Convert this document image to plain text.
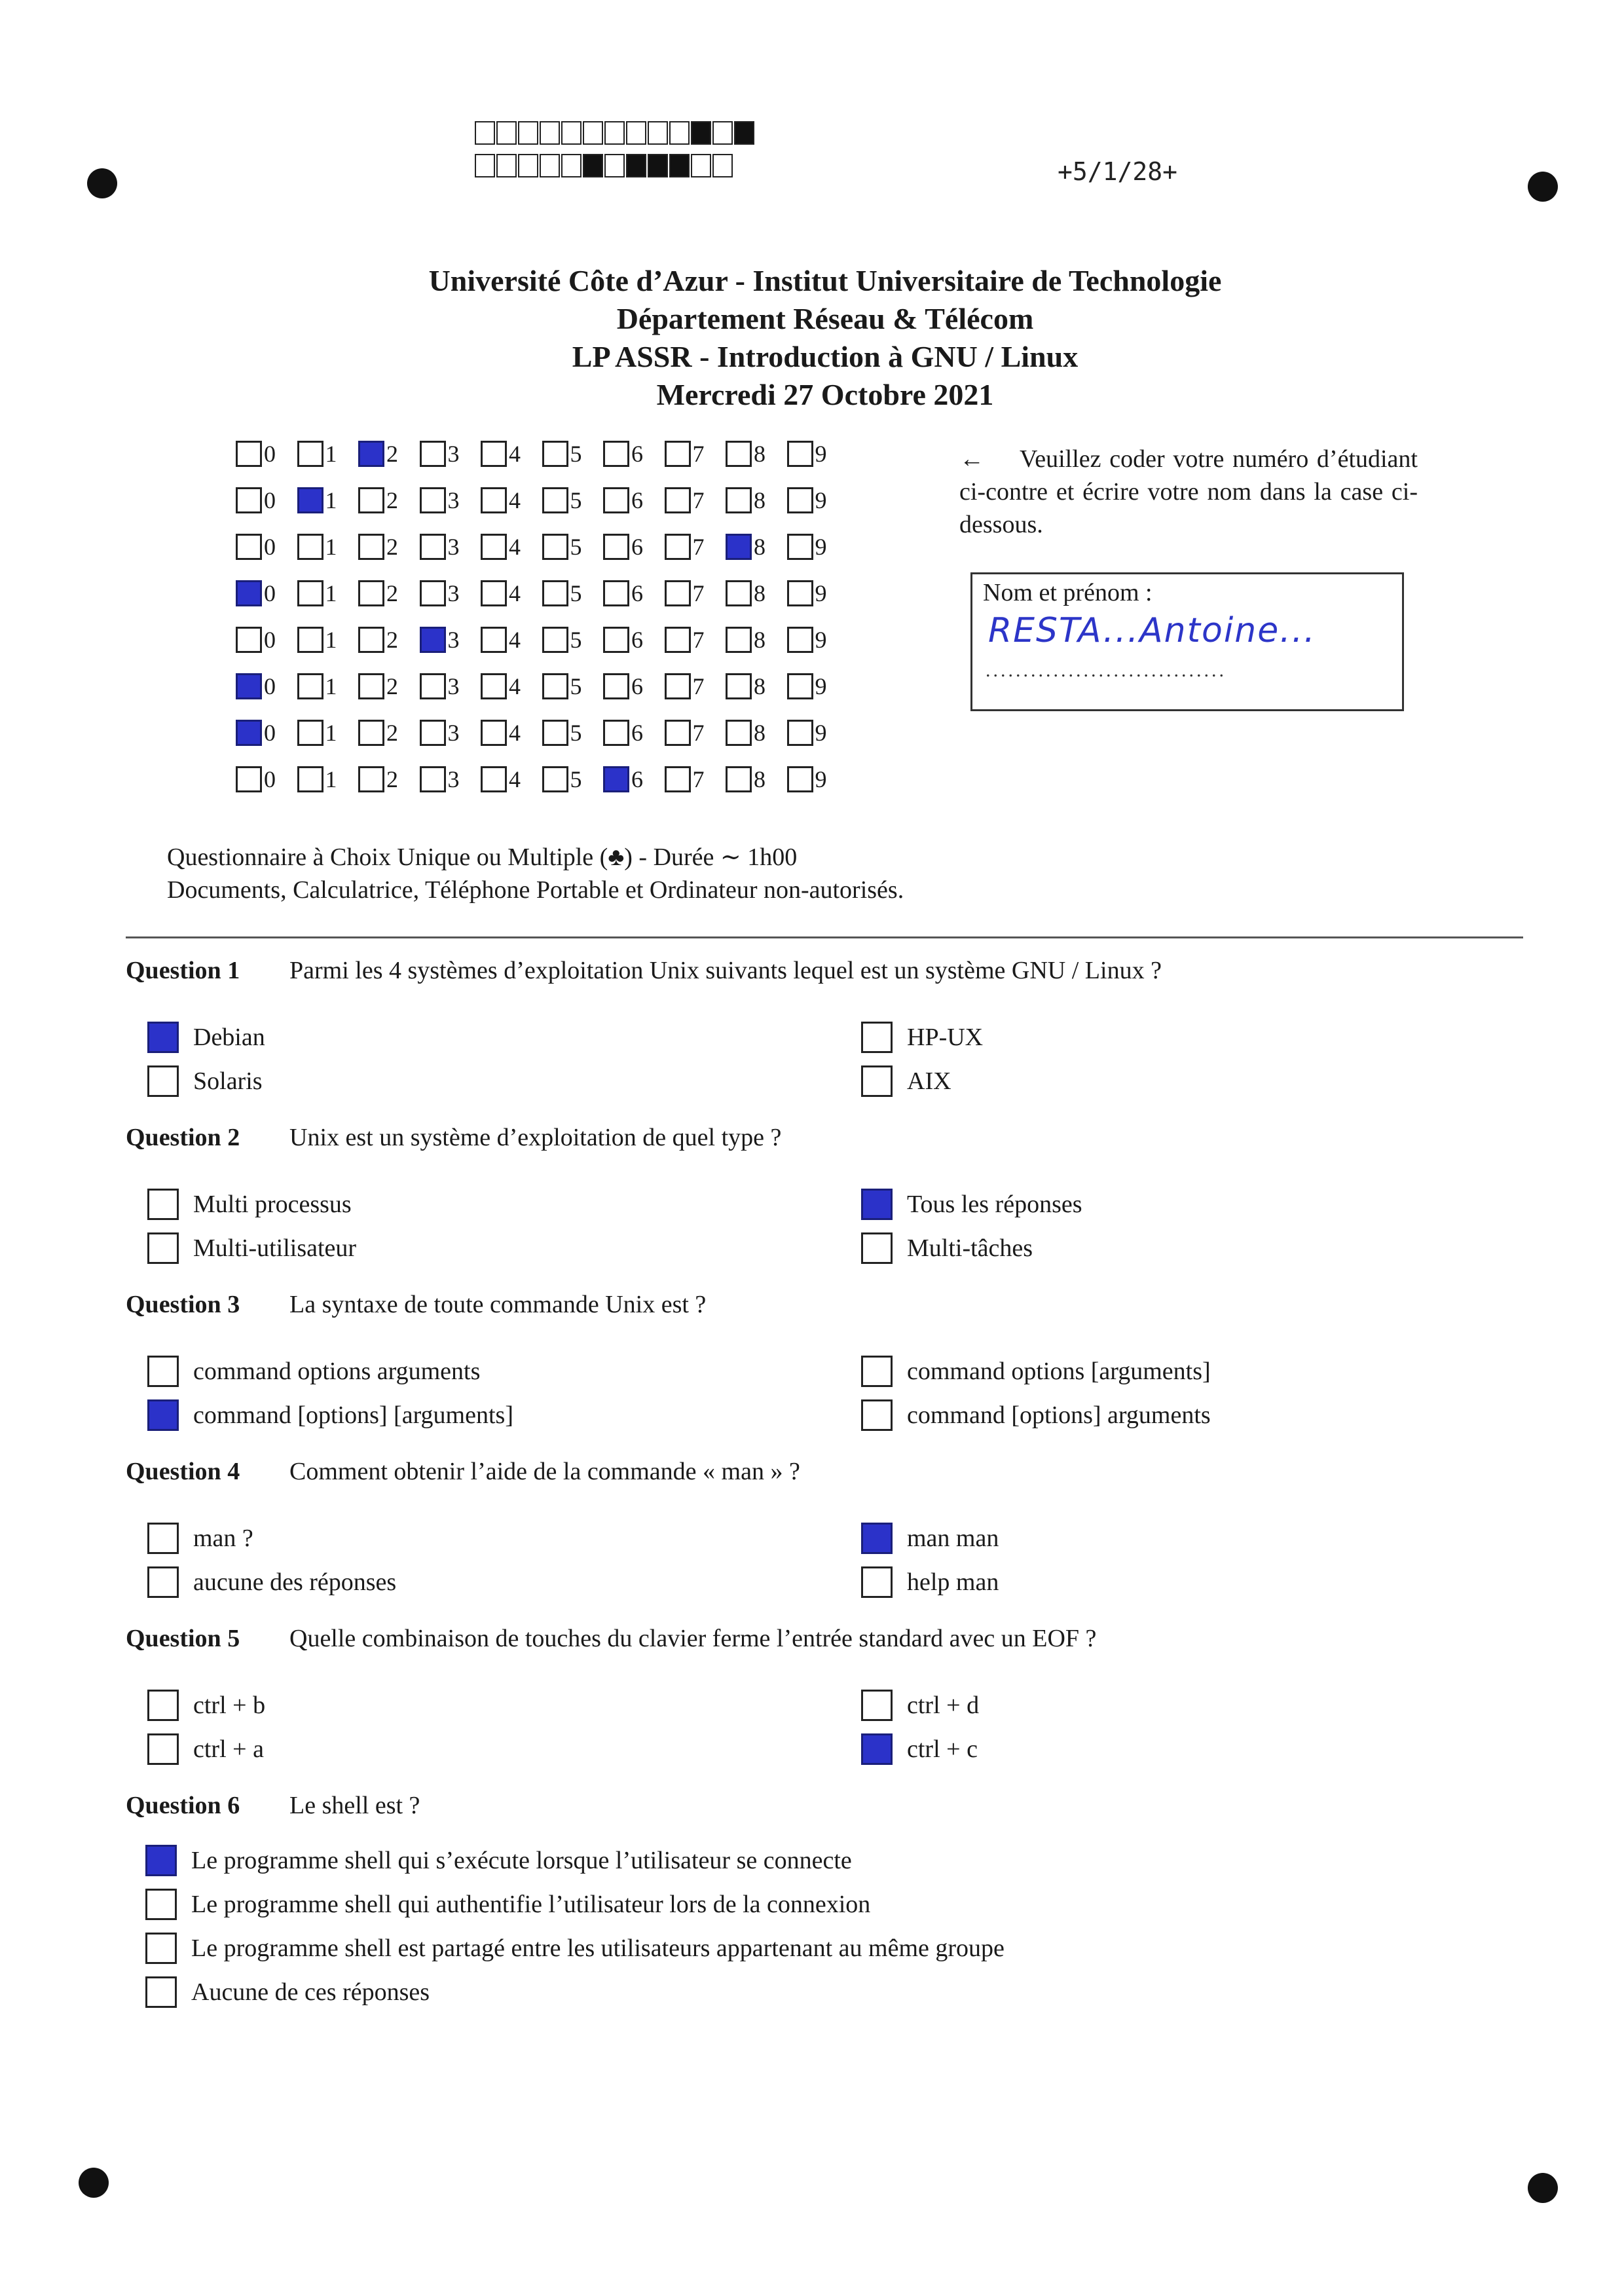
+5/1/28+
Université Côte d’Azur - Institut Universitaire de Technologie
Département Réseau & Télécom
LP ASSR - Introduction à GNU / Linux
Mercredi 27 Octobre 2021
0 1 2 3 4 5 6 7 8 9
0 1 2 3 4 5 6 7 8 9
0 1 2 3 4 5 6 7 8 9
0 1 2 3 4 5 6 7 8 9
0 1 2 3 4 5 6 7 8 9
0 1 2 3 4 5 6 7 8 9
0 1 2 3 4 5 6 7 8 9
0 1 2 3 4 5 6 7 8 9
← Veuillez coder votre numéro d’étudiant ci-contre et écrire votre nom dans la case ci-dessous.
Nom et prénom :
RESTA...Antoine...
................................
Questionnaire à Choix Unique ou Multiple (♣) - Durée ∼ 1h00
Documents, Calculatrice, Téléphone Portable et Ordinateur non-autorisés.
Question 1 Parmi les 4 systèmes d’exploitation Unix suivants lequel est un système GNU / Linux ?
Debian
Solaris
HP-UX
AIX
Question 2 Unix est un système d’exploitation de quel type ?
Multi processus
Multi-utilisateur
Tous les réponses
Multi-tâches
Question 3 La syntaxe de toute commande Unix est ?
command options arguments
command [options] [arguments]
command options [arguments]
command [options] arguments
Question 4 Comment obtenir l’aide de la commande « man » ?
man ?
aucune des réponses
man man
help man
Question 5 Quelle combinaison de touches du clavier ferme l’entrée standard avec un EOF ?
ctrl + b
ctrl + a
ctrl + d
ctrl + c
Question 6 Le shell est ?
Le programme shell qui s’exécute lorsque l’utilisateur se connecte
Le programme shell qui authentifie l’utilisateur lors de la connexion
Le programme shell est partagé entre les utilisateurs appartenant au même groupe
Aucune de ces réponses
